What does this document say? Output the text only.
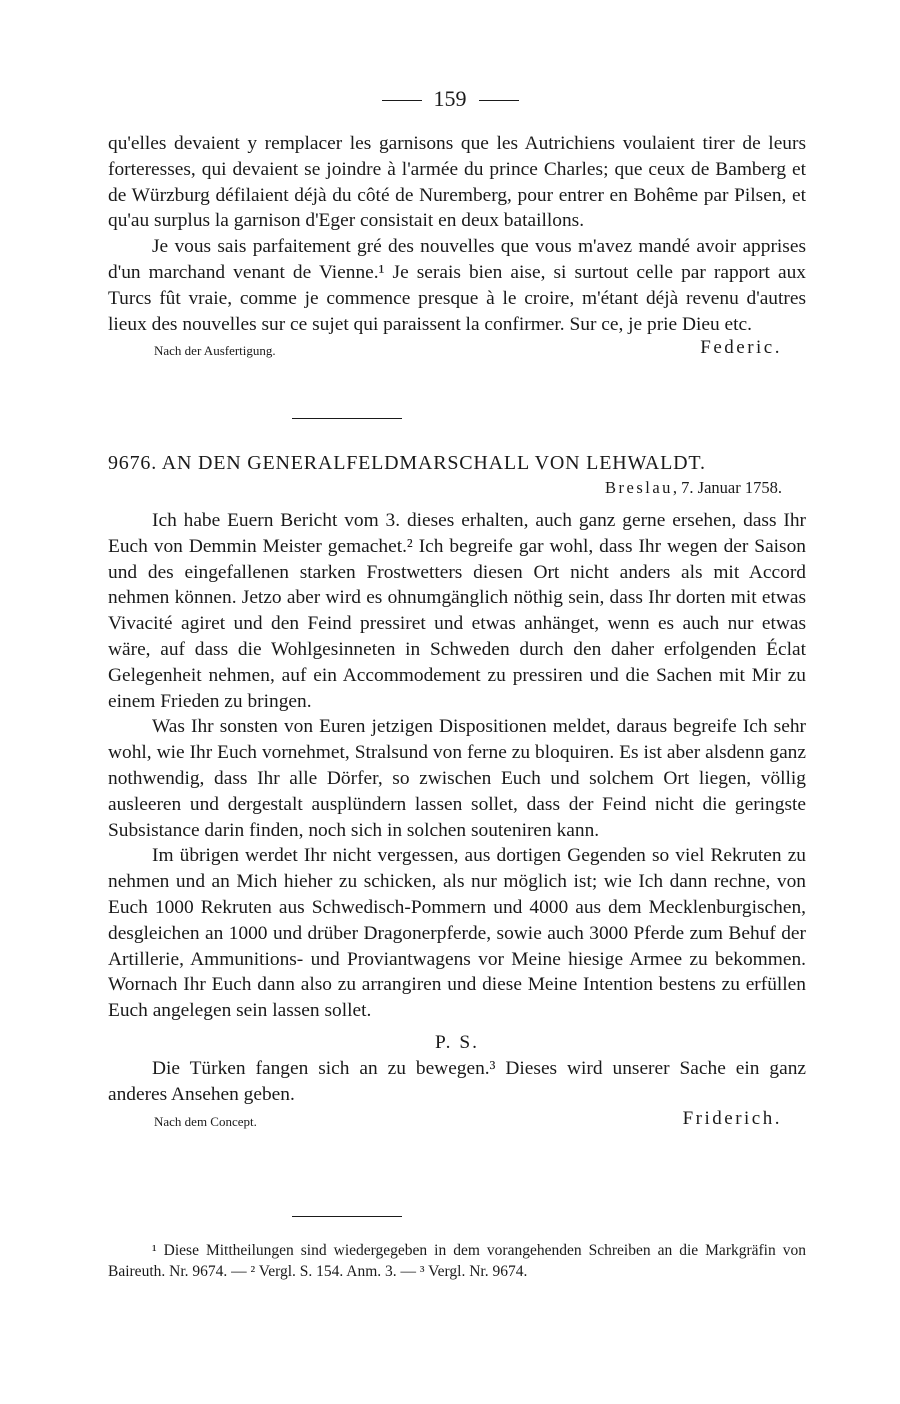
159

qu'elles devaient y remplacer les garnisons que les Autrichiens voulaient tirer de leurs forteresses, qui devaient se joindre à l'armée du prince Charles; que ceux de Bamberg et de Würzburg défilaient déjà du côté de Nuremberg, pour entrer en Bohême par Pilsen, et qu'au surplus la garnison d'Eger consistait en deux bataillons.

Je vous sais parfaitement gré des nouvelles que vous m'avez mandé avoir apprises d'un marchand venant de Vienne.¹ Je serais bien aise, si surtout celle par rapport aux Turcs fût vraie, comme je commence presque à le croire, m'étant déjà revenu d'autres lieux des nouvelles sur ce sujet qui paraissent la confirmer. Sur ce, je prie Dieu etc.

Nach der Ausfertigung.	Federic.

9676. AN DEN GENERALFELDMARSCHALL VON LEHWALDT.

Breslau, 7. Januar 1758.

Ich habe Euern Bericht vom 3. dieses erhalten, auch ganz gerne ersehen, dass Ihr Euch von Demmin Meister gemachet.² Ich begreife gar wohl, dass Ihr wegen der Saison und des eingefallenen starken Frostwetters diesen Ort nicht anders als mit Accord nehmen können. Jetzo aber wird es ohnumgänglich nöthig sein, dass Ihr dorten mit etwas Vivacité agiret und den Feind pressiret und etwas anhänget, wenn es auch nur etwas wäre, auf dass die Wohlgesinneten in Schweden durch den daher erfolgenden Éclat Gelegenheit nehmen, auf ein Accommodement zu pressiren und die Sachen mit Mir zu einem Frieden zu bringen.

Was Ihr sonsten von Euren jetzigen Dispositionen meldet, daraus begreife Ich sehr wohl, wie Ihr Euch vornehmet, Stralsund von ferne zu bloquiren. Es ist aber alsdenn ganz nothwendig, dass Ihr alle Dörfer, so zwischen Euch und solchem Ort liegen, völlig ausleeren und dergestalt ausplündern lassen sollet, dass der Feind nicht die geringste Subsistance darin finden, noch sich in solchen souteniren kann.

Im übrigen werdet Ihr nicht vergessen, aus dortigen Gegenden so viel Rekruten zu nehmen und an Mich hieher zu schicken, als nur möglich ist; wie Ich dann rechne, von Euch 1000 Rekruten aus Schwedisch-Pommern und 4000 aus dem Mecklenburgischen, desgleichen an 1000 und drüber Dragonerpferde, sowie auch 3000 Pferde zum Behuf der Artillerie, Ammunitions- und Proviantwagens vor Meine hiesige Armee zu bekommen. Wornach Ihr Euch dann also zu arrangiren und diese Meine Intention bestens zu erfüllen Euch angelegen sein lassen sollet.

P. S.

Die Türken fangen sich an zu bewegen.³ Dieses wird unserer Sache ein ganz anderes Ansehen geben.

Nach dem Concept.	Friderich.

¹ Diese Mittheilungen sind wiedergegeben in dem vorangehenden Schreiben an die Markgräfin von Baireuth. Nr. 9674. — ² Vergl. S. 154. Anm. 3. — ³ Vergl. Nr. 9674.
